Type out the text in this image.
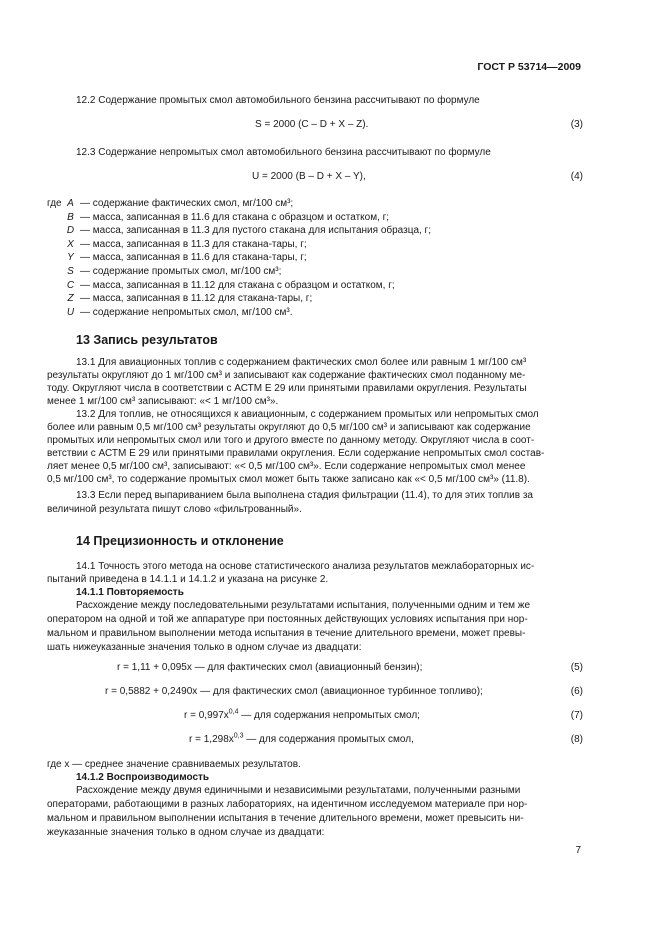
ГОСТ Р 53714—2009
12.2 Содержание промытых смол автомобильного бензина рассчитывают по формуле
S = 2000 (C – D + X – Z).	(3)
12.3 Содержание непромытых смол автомобильного бензина рассчитывают по формуле
U = 2000 (B – D + X – Y),	(4)
где A — содержание фактических смол, мг/100 см³;
B — масса, записанная в 11.6 для стакана с образцом и остатком, г;
D — масса, записанная в 11.3 для пустого стакана для испытания образца, г;
X — масса, записанная в 11.3 для стакана-тары, г;
Y — масса, записанная в 11.6 для стакана-тары, г;
S — содержание промытых смол, мг/100 см³;
C — масса, записанная в 11.12 для стакана с образцом и остатком, г;
Z — масса, записанная в 11.12 для стакана-тары, г;
U — содержание непромытых смол, мг/100 см³.
13 Запись результатов
13.1 Для авиационных топлив с содержанием фактических смол более или равным 1 мг/100 см³
результаты округляют до 1 мг/100 см³ и записывают как содержание фактических смол поданному ме-
тоду. Округляют числа в соответствии с АСТМ Е 29 или принятыми правилами округления. Результаты
менее 1 мг/100 см³ записывают: «< 1 мг/100 см³».
13.2 Для топлив, не относящихся к авиационным, с содержанием промытых или непромытых смол
более или равным 0,5 мг/100 см³ результаты округляют до 0,5 мг/100 см³ и записывают как содержание
промытых или непромытых смол или того и другого вместе по данному методу. Округляют числа в соот-
ветствии с АСТМ Е 29 или принятыми правилами округления. Если содержание непромытых смол состав-
ляет менее 0,5 мг/100 см³, записывают: «< 0,5 мг/100 см³». Если содержание непромытых смол менее
0,5 мг/100 см³, то содержание промытых смол может быть также записано как «< 0,5 мг/100 см³» (11.8).
13.3 Если перед выпариванием была выполнена стадия фильтрации (11.4), то для этих топлив за
величиной результата пишут слово «фильтрованный».
14 Прецизионность и отклонение
14.1 Точность этого метода на основе статистического анализа результатов межлабораторных ис-
пытаний приведена в 14.1.1 и 14.1.2 и указана на рисунке 2.
14.1.1 Повторяемость
Расхождение между последовательными результатами испытания, полученными одним и тем же
оператором на одной и той же аппаратуре при постоянных действующих условиях испытания при нор-
мальном и правильном выполнении метода испытания в течение длительного времени, может превы-
шать нижеуказанные значения только в одном случае из двадцати:
r = 1,11 + 0,095x — для фактических смол (авиационный бензин);	(5)
r = 0,5882 + 0,2490x — для фактических смол (авиационное турбинное топливо);	(6)
$r = 0,997x^{0,4}$ — для содержания непромытых смол;	(7)
$r = 1,298x^{0,3}$ — для содержания промытых смол,	(8)
где x — среднее значение сравниваемых результатов.
14.1.2 Воспроизводимость
Расхождение между двумя единичными и независимыми результатами, полученными разными
операторами, работающими в разных лабораториях, на идентичном исследуемом материале при нор-
мальном и правильном выполнении испытания в течение длительного времени, может превысить ни-
жеуказанные значения только в одном случае из двадцати:
7
